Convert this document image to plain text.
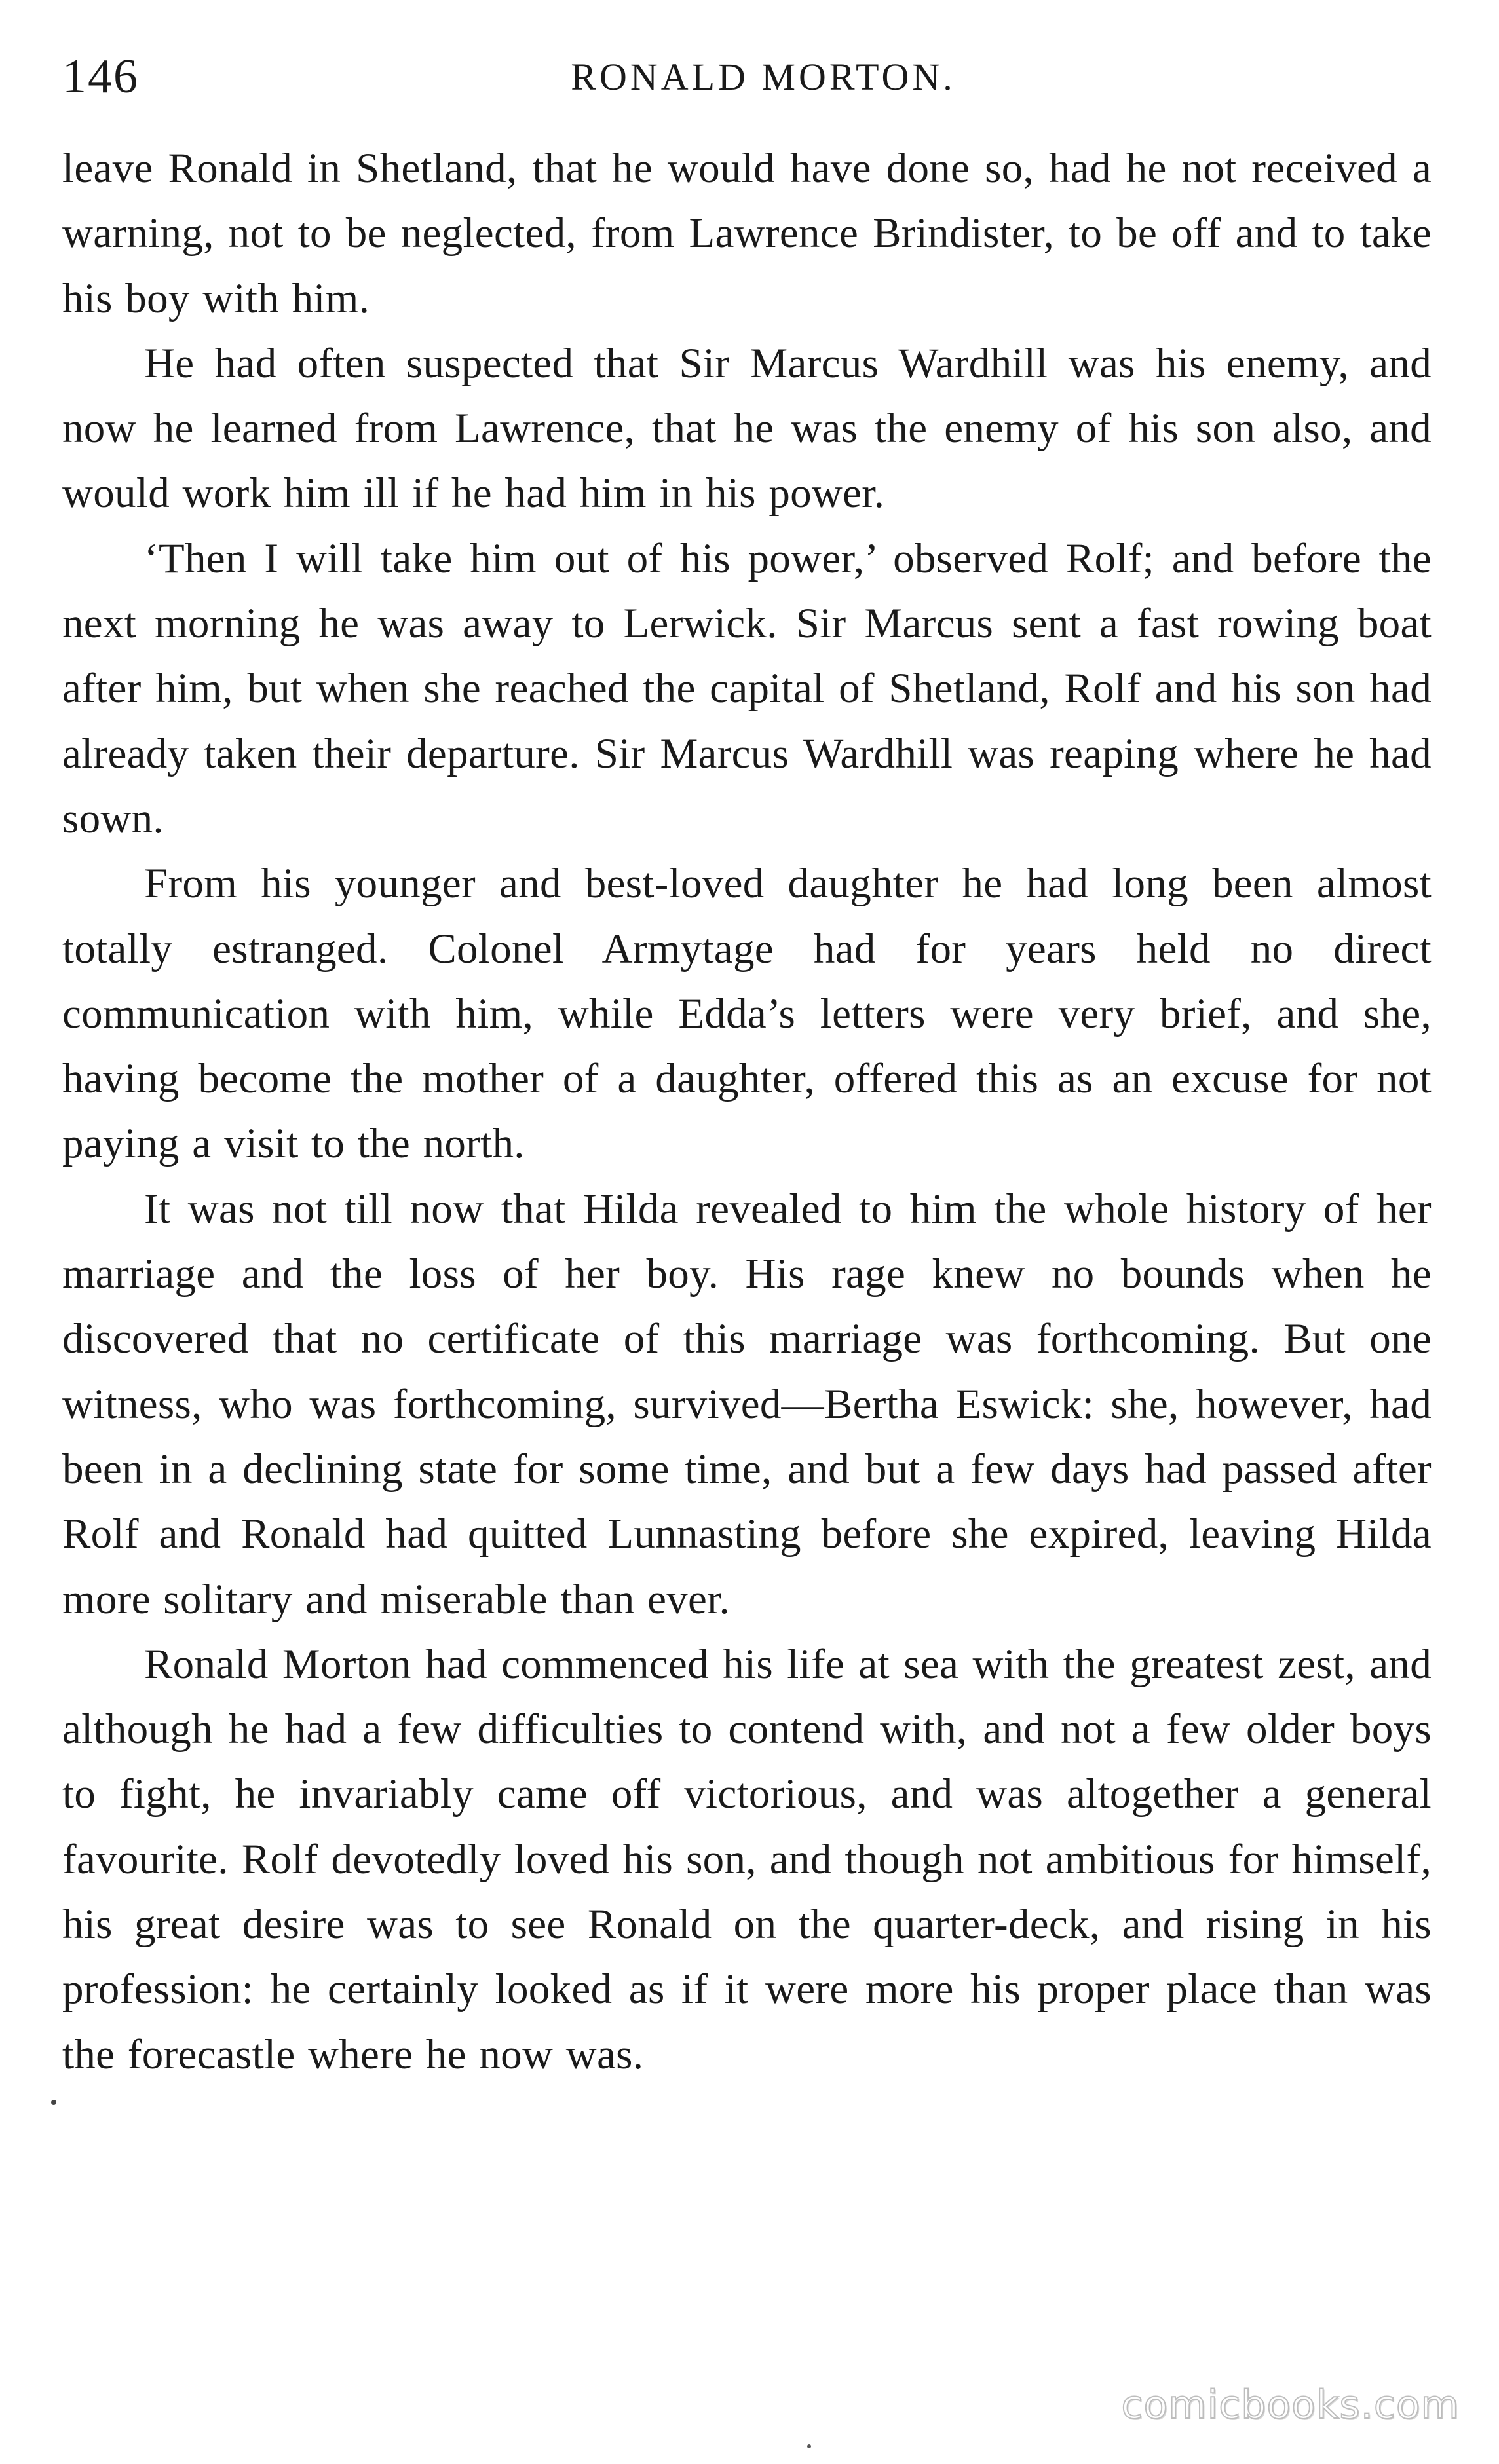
146	RONALD MORTON.

leave Ronald in Shetland, that he would have done so, had he not received a warning, not to be neglected, from Lawrence Brindister, to be off and to take his boy with him.

He had often suspected that Sir Marcus Wardhill was his enemy, and now he learned from Lawrence, that he was the enemy of his son also, and would work him ill if he had him in his power.

‘Then I will take him out of his power,’ observed Rolf; and before the next morning he was away to Lerwick. Sir Marcus sent a fast rowing boat after him, but when she reached the capital of Shetland, Rolf and his son had already taken their departure. Sir Marcus Wardhill was reaping where he had sown.

From his younger and best-loved daughter he had long been almost totally estranged. Colonel Armytage had for years held no direct communication with him, while Edda’s letters were very brief, and she, having become the mother of a daughter, offered this as an excuse for not paying a visit to the north.

It was not till now that Hilda revealed to him the whole history of her marriage and the loss of her boy. His rage knew no bounds when he discovered that no certificate of this marriage was forthcoming. But one witness, who was forthcoming, survived—Bertha Eswick: she, however, had been in a declining state for some time, and but a few days had passed after Rolf and Ronald had quitted Lunnasting before she expired, leaving Hilda more solitary and miserable than ever.

Ronald Morton had commenced his life at sea with the greatest zest, and although he had a few difficulties to contend with, and not a few older boys to fight, he invariably came off victorious, and was altogether a general favourite. Rolf devotedly loved his son, and though not ambitious for himself, his great desire was to see Ronald on the quarter-deck, and rising in his profession: he certainly looked as if it were more his proper place than was the forecastle where he now was.

comicbooks.com
